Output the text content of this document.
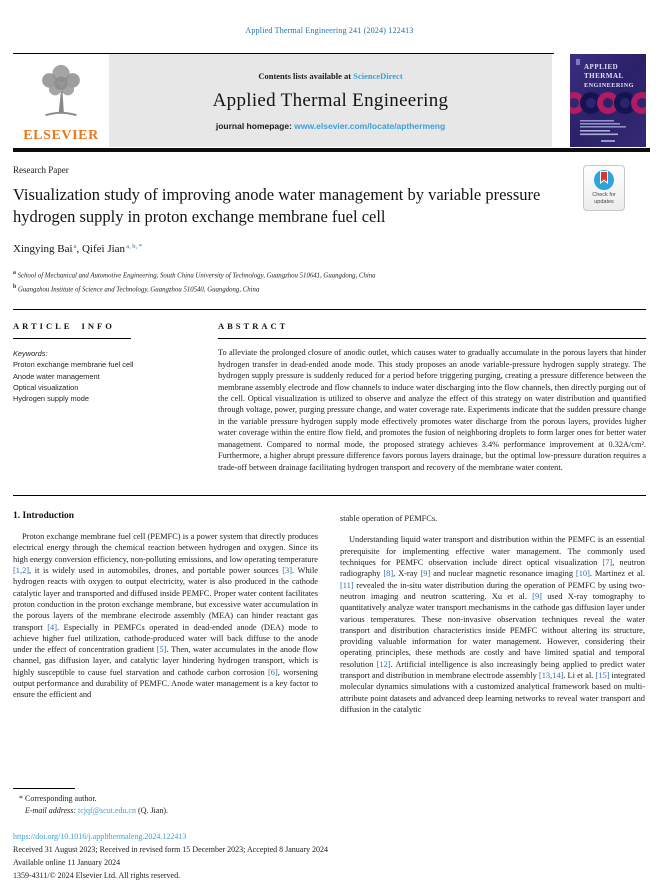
Applied Thermal Engineering 241 (2024) 122413
ELSEVIER
Contents lists available at ScienceDirect
Applied Thermal Engineering
journal homepage: www.elsevier.com/locate/apthermeng
APPLIED
THERMAL
ENGINEERING
Research Paper
Visualization study of improving anode water management by variable pressure hydrogen supply in proton exchange membrane fuel cell
Check for
updates
Xingying Bai$^a$, Qifei Jian$^{a, b, *}$
$^a$ School of Mechanical and Automotive Engineering, South China University of Technology, Guangzhou 510641, Guangdong, China
$^b$ Guangzhou Institute of Science and Technology, Guangzhou 510540, Guangdong, China
ARTICLE INFO
Keywords:
Proton exchange membrane fuel cell
Anode water management
Optical visualization
Hydrogen supply mode
ABSTRACT
To alleviate the prolonged closure of anodic outlet, which causes water to gradually accumulate in the porous layers that hinder hydrogen transfer in dead-ended anode mode. This study proposes an anode variable-pressure hydrogen supply strategy. The hydrogen supply pressure is suddenly reduced for a period before triggering purging, creating a pressure difference between the membrane assembly electrode and flow channels to induce water discharging into the flow channels, then directly purging out of the cell. Optical visualization is utilized to observe and analyze the effect of this strategy on water distribution and quantified through voltage, power, purging pressure change, and water coverage rate. Experiments indicate that the sudden pressure change in the variable pressure hydrogen supply mode effectively promotes water discharge from the porous layers, provides higher water coverage within the entire flow field, and promotes the fusion of neighboring droplets to form larger ones for better water management. Compared to normal mode, the proposed strategy achieves 3.4% performance improvement at 0.32A/cm². Furthermore, a higher abrupt pressure difference favors porous layers drainage, but the optimal low-pressure duration requires a trade-off between drainage facilitating hydrogen transport and recovery of the membrane water content.
1. Introduction

Proton exchange membrane fuel cell (PEMFC) is a power system that directly produces electrical energy through the chemical reaction between hydrogen and oxygen. Since its high energy conversion efficiency, non-polluting emissions, and low operating temperature [1,2], it is widely used in automobiles, drones, and portable power sources [3]. While hydrogen reacts with oxygen to output electricity, water is also produced in the cathode catalytic layer and transported and diffused inside PEMFC. Proper water content facilitates proton conduction in the proton exchange membrane, but excessive water accumulation in the porous layers of the membrane electrode assembly (MEA) can hinder reactant gas transport [4]. Especially in PEMFCs operated in dead-ended anode (DEA) mode to achieve higher fuel utilization, cathode-produced water will back diffuse to the anode under the effect of concentration gradient [5]. Then, water accumulates in the anode flow channel, gas diffusion layer, and catalytic layer hindering hydrogen transport, which is highly susceptible to cause fuel starvation and cathode carbon corrosion [6], worsening output performance and durability of PEMFC. Anode water management is a key factor to ensure the efficient and

stable operation of PEMFCs.

Understanding liquid water transport and distribution within the PEMFC is an essential prerequisite for implementing effective water management. The commonly used techniques for PEMFC observation include direct optical visualization [7], neutron radiography [8], X-ray [9] and nuclear magnetic resonance imaging [10]. Martinez et al. [11] revealed the in-situ water distribution during the operation of PEMFC by using two-neutron imaging and neutron scattering. Xu et al. [9] used X-ray tomography to quantitatively analyze water transport mechanisms in the cathode gas diffusion layer under various temperatures. These non-invasive observation techniques reveal the water transport and distribution characteristics inside PEMFC without altering its structure, providing valuable information for water management. However, considering their operating principles, these methods are costly and have limited spatial and temporal resolution [12]. Artificial intelligence is also increasingly being applied to predict water transport and distribution in membrane electrode assembly [13,14]. Li et al. [15] integrated molecular dynamics simulations with a customized analytical framework based on multi-attribute point datasets and advanced deep learning networks to reveal water transport and diffusion in the catalytic

* Corresponding author.
E-mail address: tcjqf@scut.edu.cn (Q. Jian).
https://doi.org/10.1016/j.applthermaleng.2024.122413
Received 31 August 2023; Received in revised form 15 December 2023; Accepted 8 January 2024
Available online 11 January 2024
1359-4311/© 2024 Elsevier Ltd. All rights reserved.
